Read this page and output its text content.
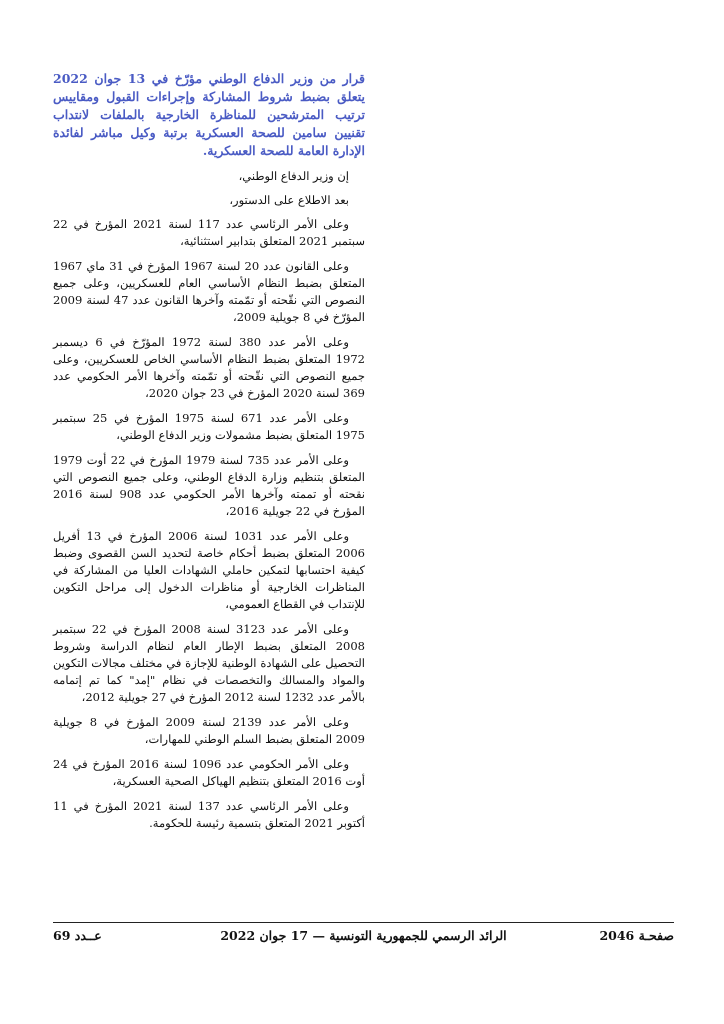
قرار من وزير الدفاع الوطني مؤرّخ في 13 جوان 2022 يتعلق بضبط شروط المشاركة وإجراءات القبول ومقاييس ترتيب المترشحين للمناظرة الخارجية بالملفات لانتداب تقنيين سامين للصحة العسكرية برتبة وكيل مباشر لفائدة الإدارة العامة للصحة العسكرية.
إن وزير الدفاع الوطني،
بعد الاطلاع على الدستور،
وعلى الأمر الرئاسي عدد 117 لسنة 2021 المؤرخ في 22 سبتمبر 2021 المتعلق بتدابير استثنائية،
وعلى القانون عدد 20 لسنة 1967 المؤرخ في 31 ماي 1967 المتعلق بضبط النظام الأساسي العام للعسكريين، وعلى جميع النصوص التي نقّحته أو تمّمته وآخرها القانون عدد 47 لسنة 2009 المؤرّخ في 8 جويلية 2009،
وعلى الأمر عدد 380 لسنة 1972 المؤرّخ في 6 ديسمبر 1972 المتعلق بضبط النظام الأساسي الخاص للعسكريين، وعلى جميع النصوص التي نقّحته أو تمّمته وآخرها الأمر الحكومي عدد 369 لسنة 2020 المؤرخ في 23 جوان 2020،
وعلى الأمر عدد 671 لسنة 1975 المؤرخ في 25 سبتمبر 1975 المتعلق بضبط مشمولات وزير الدفاع الوطني،
وعلى الأمر عدد 735 لسنة 1979 المؤرخ في 22 أوت 1979 المتعلق بتنظيم وزارة الدفاع الوطني، وعلى جميع النصوص التي نقحته أو تممته وآخرها الأمر الحكومي عدد 908 لسنة 2016 المؤرخ في 22 جويلية 2016،
وعلى الأمر عدد 1031 لسنة 2006 المؤرخ في 13 أفريل 2006 المتعلق بضبط أحكام خاصة لتحديد السن القصوى وضبط كيفية احتسابها لتمكين حاملي الشهادات العليا من المشاركة في المناظرات الخارجية أو مناظرات الدخول إلى مراحل التكوين للإنتداب في القطاع العمومي،
وعلى الأمر عدد 3123 لسنة 2008 المؤرخ في 22 سبتمبر 2008 المتعلق بضبط الإطار العام لنظام الدراسة وشروط التحصيل على الشهادة الوطنية للإجازة في مختلف مجالات التكوين والمواد والمسالك والتخصصات في نظام "إمد" كما تم إتمامه بالأمر عدد 1232 لسنة 2012 المؤرخ في 27 جويلية 2012،
وعلى الأمر عدد 2139 لسنة 2009 المؤرخ في 8 جويلية 2009 المتعلق بضبط السلم الوطني للمهارات،
وعلى الأمر الحكومي عدد 1096 لسنة 2016 المؤرخ في 24 أوت 2016 المتعلق بتنظيم الهياكل الصحية العسكرية،
وعلى الأمر الرئاسي عدد 137 لسنة 2021 المؤرخ في 11 أكتوبر 2021 المتعلق بتسمية رئيسة للحكومة.
صفحـة 2046
الرائد الرسمي للجمهورية التونسية — 17 جوان 2022
عــدد 69
